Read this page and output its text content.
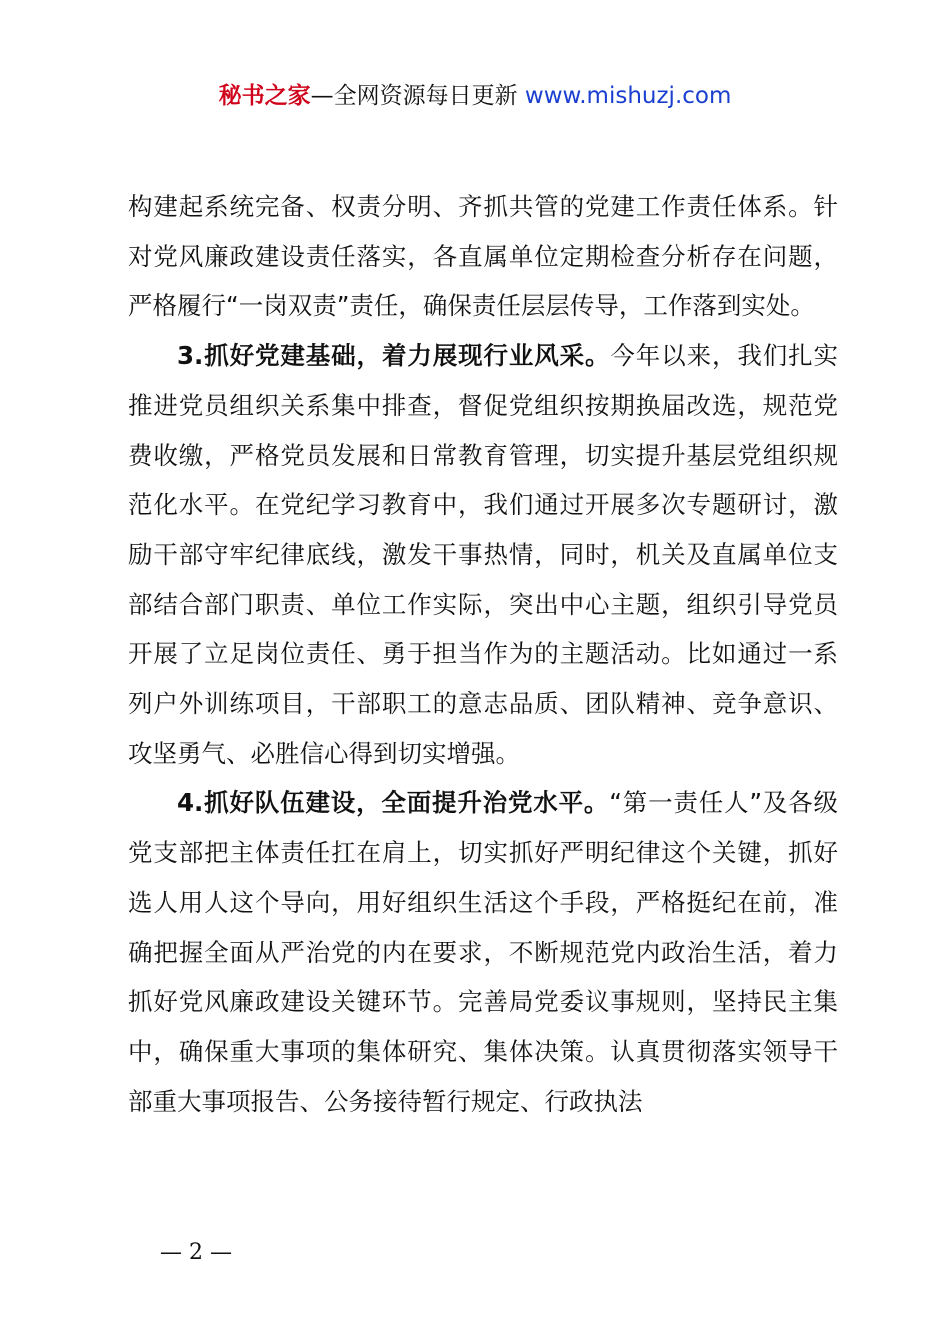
秘书之家—全网资源每日更新 www.mishuzj.com

构建起系统完备、权责分明、齐抓共管的党建工作责任体系。针对党风廉政建设责任落实，各直属单位定期检查分析存在问题，严格履行“一岗双责”责任，确保责任层层传导，工作落到实处。

3.抓好党建基础，着力展现行业风采。今年以来，我们扎实推进党员组织关系集中排查，督促党组织按期换届改选，规范党费收缴，严格党员发展和日常教育管理，切实提升基层党组织规范化水平。在党纪学习教育中，我们通过开展多次专题研讨，激励干部守牢纪律底线，激发干事热情，同时，机关及直属单位支部结合部门职责、单位工作实际，突出中心主题，组织引导党员开展了立足岗位责任、勇于担当作为的主题活动。比如通过一系列户外训练项目，干部职工的意志品质、团队精神、竞争意识、攻坚勇气、必胜信心得到切实增强。

4.抓好队伍建设，全面提升治党水平。“第一责任人”及各级党支部把主体责任扛在肩上，切实抓好严明纪律这个关键，抓好选人用人这个导向，用好组织生活这个手段，严格挺纪在前，准确把握全面从严治党的内在要求，不断规范党内政治生活，着力抓好党风廉政建设关键环节。完善局党委议事规则，坚持民主集中，确保重大事项的集体研究、集体决策。认真贯彻落实领导干部重大事项报告、公务接待暂行规定、行政执法

— 2 —
